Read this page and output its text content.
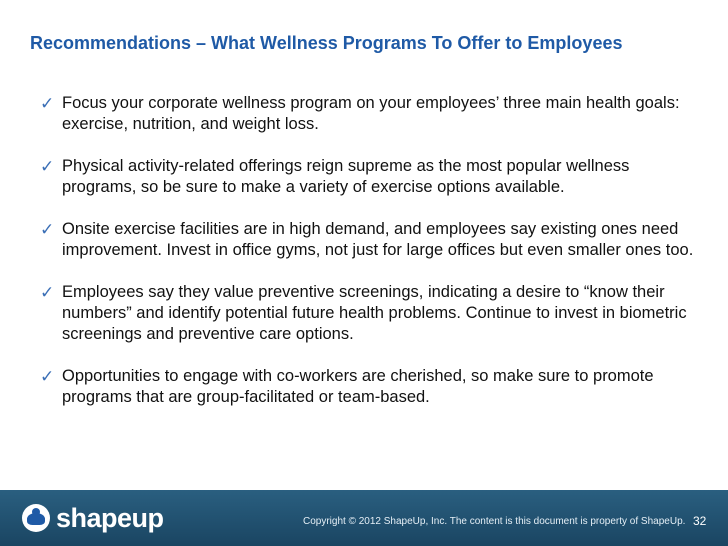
Recommendations – What Wellness Programs To Offer to Employees
✓ Focus your corporate wellness program on your employees’ three main health goals: exercise, nutrition, and weight loss.
✓ Physical activity-related offerings reign supreme as the most popular wellness programs, so be sure to make a variety of exercise options available.
✓ Onsite exercise facilities are in high demand, and employees say existing ones need improvement. Invest in office gyms, not just for large offices but even smaller ones too.
✓ Employees say they value preventive screenings, indicating a desire to “know their numbers” and identify potential future health problems. Continue to invest in biometric screenings and preventive care options.
✓ Opportunities to engage with co-workers are cherished, so make sure to promote programs that are group-facilitated or team-based.
shapeup	Copyright © 2012 ShapeUp, Inc. The content is this document is property of ShapeUp. 32
